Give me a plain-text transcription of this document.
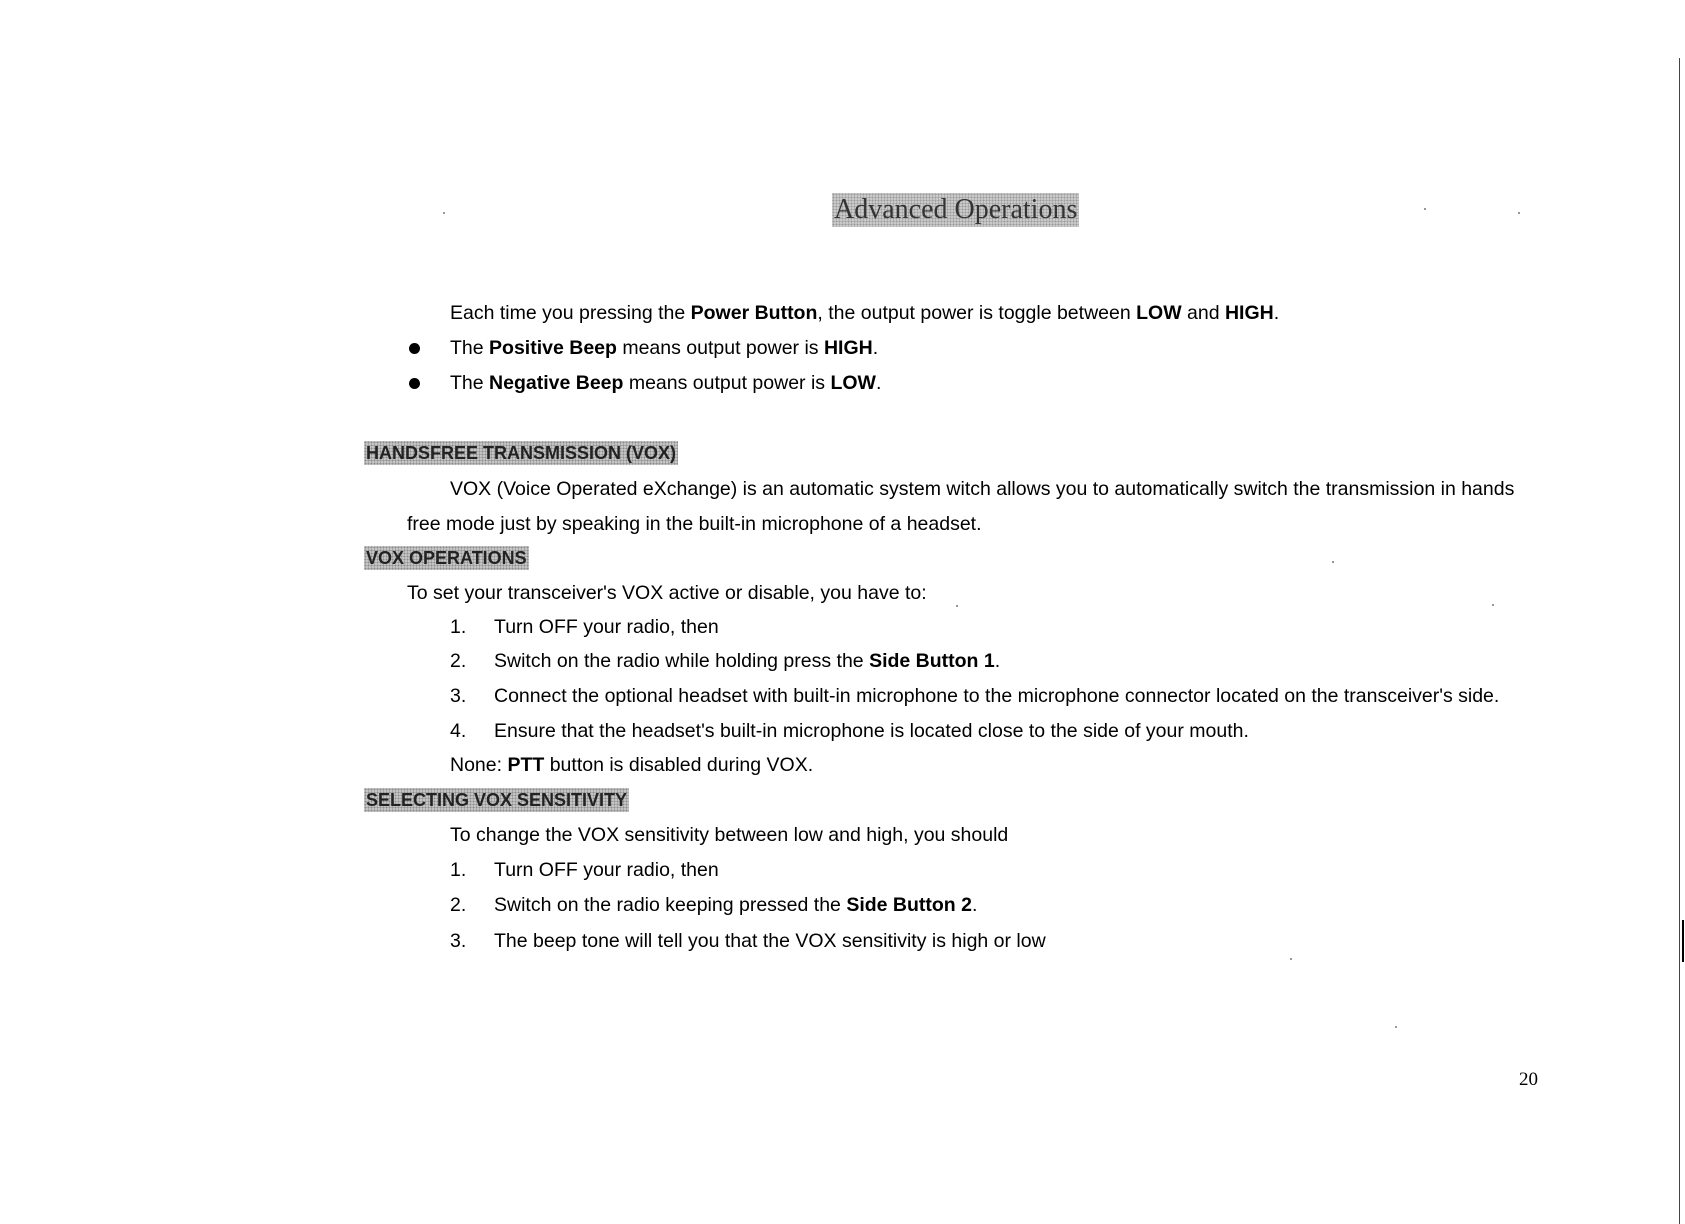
Advanced Operations
Each time you pressing the Power Button, the output power is toggle between LOW and HIGH.
The Positive Beep means output power is HIGH.
The Negative Beep means output power is LOW.
HANDSFREE TRANSMISSION (VOX)
VOX (Voice Operated eXchange) is an automatic system witch allows you to automatically switch the transmission in hands
free mode just by speaking in the built-in microphone of a headset.
VOX OPERATIONS
To set your transceiver's VOX active or disable, you have to:
1. Turn OFF your radio, then
2. Switch on the radio while holding press the Side Button 1.
3. Connect the optional headset with built-in microphone to the microphone connector located on the transceiver's side.
4. Ensure that the headset's built-in microphone is located close to the side of your mouth.
None: PTT button is disabled during VOX.
SELECTING VOX SENSITIVITY
To change the VOX sensitivity between low and high, you should
1. Turn OFF your radio, then
2. Switch on the radio keeping pressed the Side Button 2.
3. The beep tone will tell you that the VOX sensitivity is high or low
20
